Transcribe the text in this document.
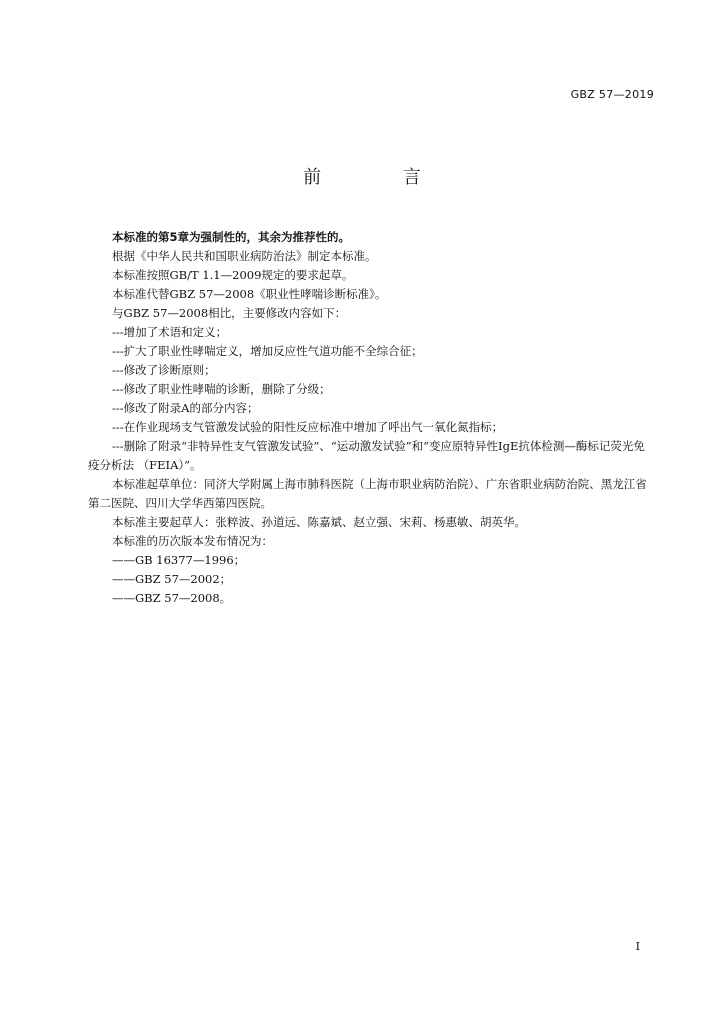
GBZ 57—2019
前 言

本标准的第5章为强制性的，其余为推荐性的。

根据《中华人民共和国职业病防治法》制定本标准。

本标准按照GB/T 1.1—2009规定的要求起草。

本标准代替GBZ 57—2008《职业性哮喘诊断标准》。

与GBZ 57—2008相比，主要修改内容如下：

---增加了术语和定义；

---扩大了职业性哮喘定义，增加反应性气道功能不全综合征；

---修改了诊断原则；

---修改了职业性哮喘的诊断，删除了分级；

---修改了附录A的部分内容；

---在作业现场支气管激发试验的阳性反应标准中增加了呼出气一氧化氮指标；

---删除了附录“非特异性支气管激发试验”、“运动激发试验”和“变应原特异性IgE抗体检测—酶标记荧光免疫分析法 （FEIA）”。

本标准起草单位：同济大学附属上海市肺科医院（上海市职业病防治院）、广东省职业病防治院、黑龙江省第二医院、四川大学华西第四医院。

本标准主要起草人：张粹波、孙道远、陈嘉斌、赵立强、宋莉、杨惠敏、胡英华。

本标准的历次版本发布情况为：

——GB 16377—1996；

——GBZ 57—2002；

——GBZ 57—2008。

I
